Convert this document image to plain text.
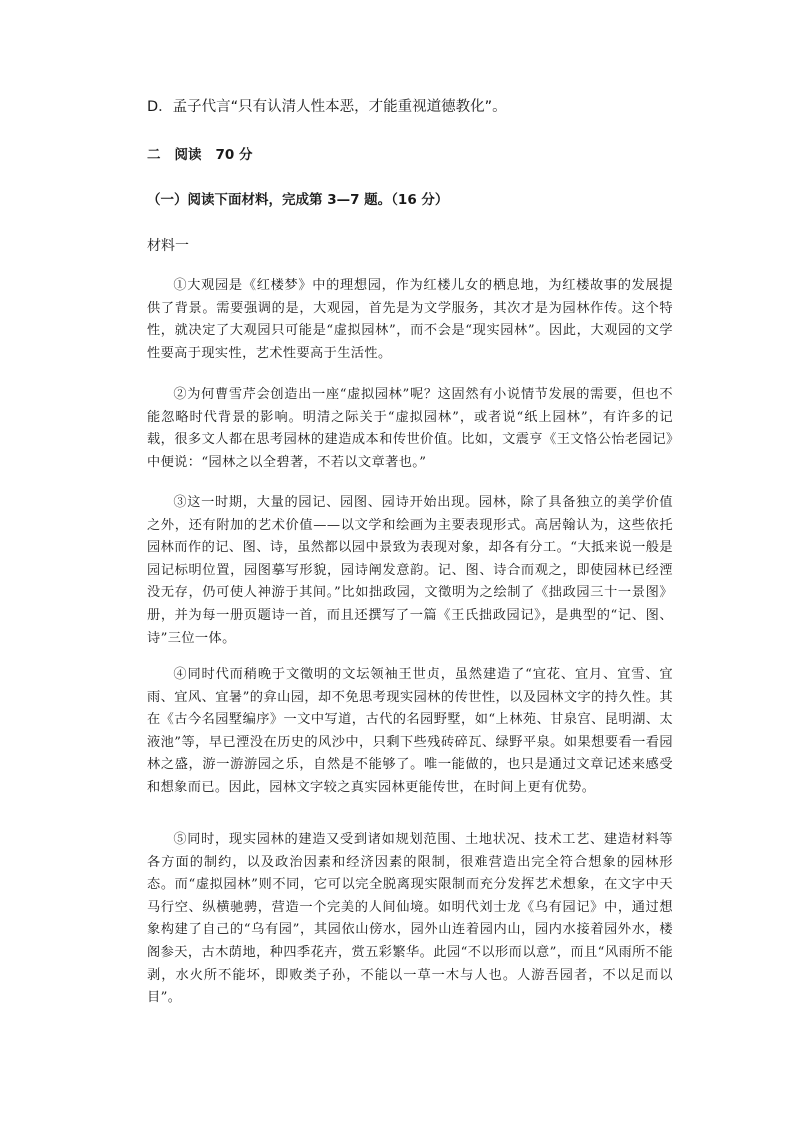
D．孟子代言“只有认清人性本恶，才能重视道德教化”。
二 阅读 70 分
（一）阅读下面材料，完成第 3—7 题。（16 分）
材料一

①大观园是《红楼梦》中的理想园，作为红楼儿女的栖息地，为红楼故事的发展提供了背景。需要强调的是，大观园，首先是为文学服务，其次才是为园林作传。这个特性，就决定了大观园只可能是“虚拟园林”，而不会是“现实园林”。因此，大观园的文学性要高于现实性，艺术性要高于生活性。

②为何曹雪芹会创造出一座“虚拟园林”呢？这固然有小说情节发展的需要，但也不能忽略时代背景的影响。明清之际关于“虚拟园林”，或者说“纸上园林”，有许多的记载，很多文人都在思考园林的建造成本和传世价值。比如，文震亨《王文恪公怡老园记》中便说：“园林之以全碧著，不若以文章著也。”

③这一时期，大量的园记、园图、园诗开始出现。园林，除了具备独立的美学价值之外，还有附加的艺术价值——以文学和绘画为主要表现形式。高居翰认为，这些依托园林而作的记、图、诗，虽然都以园中景致为表现对象，却各有分工。“大抵来说一般是园记标明位置，园图摹写形貌，园诗阐发意韵。记、图、诗合而观之，即使园林已经湮没无存，仍可使人神游于其间。”比如拙政园，文徵明为之绘制了《拙政园三十一景图》册，并为每一册页题诗一首，而且还撰写了一篇《王氏拙政园记》，是典型的“记、图、诗”三位一体。

④同时代而稍晚于文徵明的文坛领袖王世贞，虽然建造了“宜花、宜月、宜雪、宜雨、宜风、宜暑”的弇山园，却不免思考现实园林的传世性，以及园林文字的持久性。其在《古今名园墅编序》一文中写道，古代的名园野墅，如“上林苑、甘泉宫、昆明湖、太液池”等，早已湮没在历史的风沙中，只剩下些残砖碎瓦、绿野平泉。如果想要看一看园林之盛，游一游游园之乐，自然是不能够了。唯一能做的，也只是通过文章记述来感受和想象而已。因此，园林文字较之真实园林更能传世，在时间上更有优势。

⑤同时，现实园林的建造又受到诸如规划范围、土地状况、技术工艺、建造材料等各方面的制约，以及政治因素和经济因素的限制，很难营造出完全符合想象的园林形态。而“虚拟园林”则不同，它可以完全脱离现实限制而充分发挥艺术想象，在文字中天马行空、纵横驰骋，营造一个完美的人间仙境。如明代刘士龙《乌有园记》中，通过想象构建了自己的“乌有园”，其园依山傍水，园外山连着园内山，园内水接着园外水，楼阁参天，古木荫地，种四季花卉，赏五彩繁华。此园“不以形而以意”，而且“风雨所不能剥，水火所不能坏，即败类子孙，不能以一草一木与人也。人游吾园者，不以足而以目”。
